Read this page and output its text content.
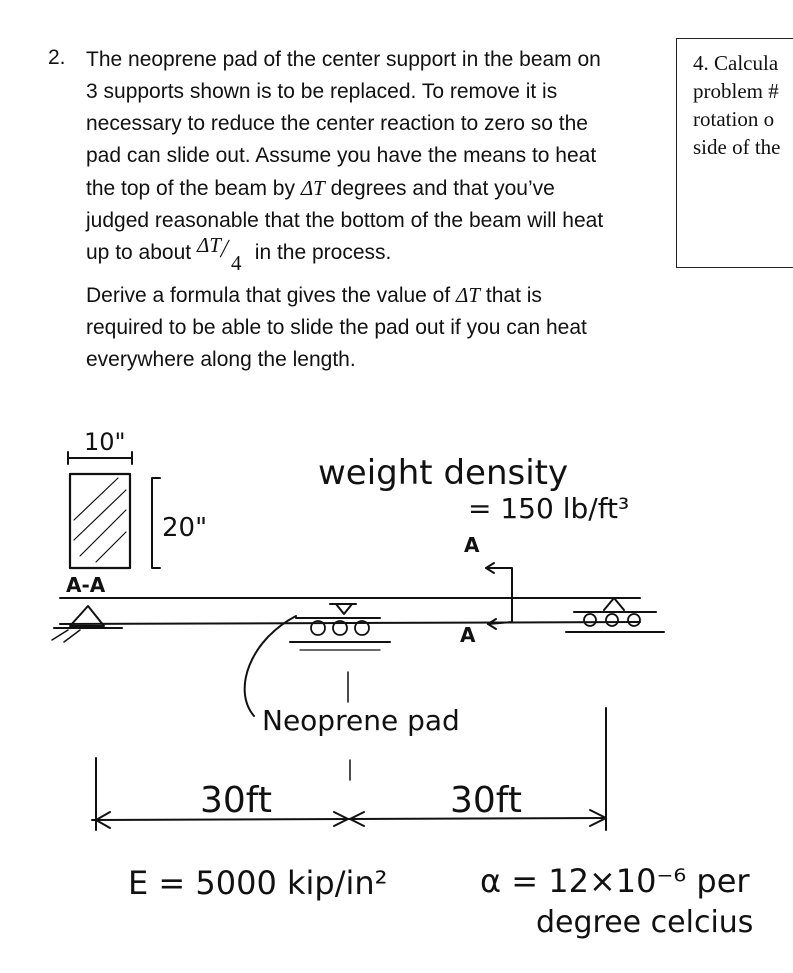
2. The neoprene pad of the center support in the beam on 3 supports shown is to be replaced. To remove it is necessary to reduce the center reaction to zero so the pad can slide out. Assume you have the means to heat the top of the beam by ΔT degrees and that you’ve judged reasonable that the bottom of the beam will heat up to about ΔT
/ 4 in the process.

Derive a formula that gives the value of ΔT that is required to be able to slide the pad out if you can heat everywhere along the length.

4. Calcula
problem #
rotation o
side of the
10"
20"
A-A
weight density
= 150 lb/ft³
A
A
Neoprene pad
30ft	30ft
E = 5000 kip/in²	α = 12×10⁻⁶ per
degree celcius
